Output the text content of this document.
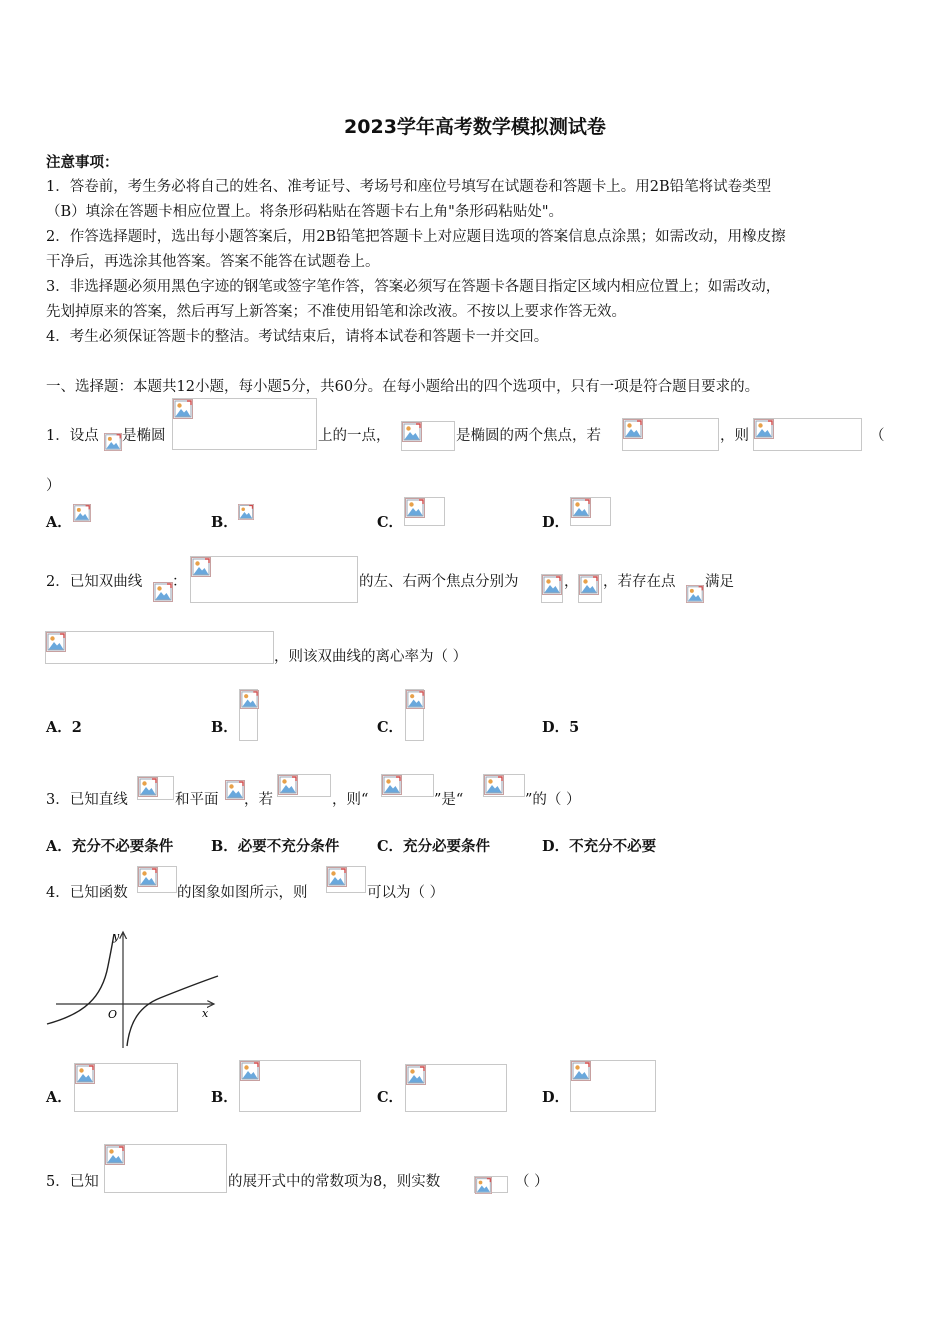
2023学年高考数学模拟测试卷
注意事项：
1．答卷前，考生务必将自己的姓名、准考证号、考场号和座位号填写在试题卷和答题卡上。用2B铅笔将试卷类型
（B）填涂在答题卡相应位置上。将条形码粘贴在答题卡右上角"条形码粘贴处"。
2．作答选择题时，选出每小题答案后，用2B铅笔把答题卡上对应题目选项的答案信息点涂黑；如需改动，用橡皮擦
干净后，再选涂其他答案。答案不能答在试题卷上。
3．非选择题必须用黑色字迹的钢笔或签字笔作答，答案必须写在答题卡各题目指定区域内相应位置上；如需改动，
先划掉原来的答案，然后再写上新答案；不准使用铅笔和涂改液。不按以上要求作答无效。
4．考生必须保证答题卡的整洁。考试结束后，请将本试卷和答题卡一并交回。
一、选择题：本题共12小题，每小题5分，共60分。在每小题给出的四个选项中，只有一项是符合题目要求的。
1．设点 是椭圆	上的一点，	是椭圆的两个焦点，若	，则	（
）
A．	B．	C．	D．
2．已知双曲线 ：	的左、右两个焦点分别为	， ，若存在点 满足
，则该双曲线的离心率为（ ）
A．2	B．	C．	D．5
3．已知直线	和平面 ，若	，则“	”是“	”的（ ）
A．充分不必要条件	B．必要不充分条件	C．充分必要条件	D．不充分不必要
4．已知函数	的图象如图所示，则	可以为（ ）
y
x
O
A．	B．	C．	D．
5．已知	的展开式中的常数项为8，则实数	（ ）
